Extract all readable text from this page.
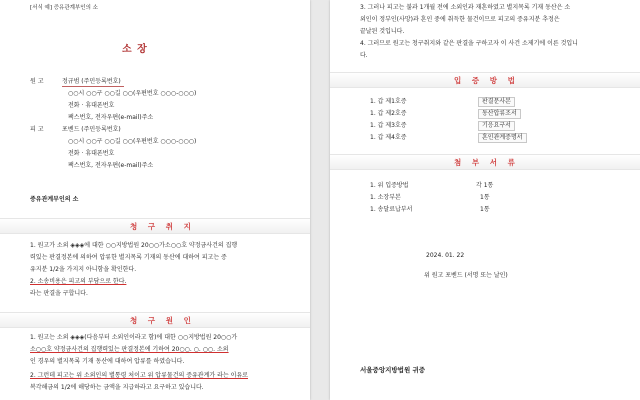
[서식 예] 증유관계부인의 소
소 장
원 고	정규범 (주민등록번호)
○○시 ○○구 ○○길 ○○(우편번호 ○○○-○○○)
전화 · 휴대폰번호
팩스번호, 전자우편(e-mail)주소
피 고	포벤드 (주민등록번호)
○○시 ○○구 ○○길 ○○(우편번호 ○○○-○○○)
전화 · 휴대폰번호
팩스번호, 전자우편(e-mail)주소
증유관계부인의 소
청 구 취 지
1. 원고가 소외 ◈◈◈에 대한 ○○지방법원 20○○가소○○호 약정금사건의 집행
력있는 판결정본에 의하여 압류한 별지목록 기재의 동산에 대하여 피고는 증
유지분 1/2을 가지지 아니함을 확인한다.
2. 소송비용은 피고의 부담으로 한다.
라는 판결을 구합니다.
청 구 원 인
1. 원고는 소외 ◈◈◈(다음부터 소외인이라고 함)에 대한 ○○지방법원 20○○가
소○○호 약정금사건의 집행력있는 판결정본에 기하여 20○○. ○. ○○. 소외
인 경우의 별지목록 기재 동산에 대하여 압류를 하였습니다.
2. 그런데 피고는 위 소외인의 별통령 처이고 위 압류물건의 증유관계가 라는 이유로
복각해금의 1/2에 해당하는 금액을 지급하라고 요구하고 있습니다.
3. 그러나 피고는 불과 1개월 전에 소외인과 재혼하였고 별지목록 기재 동산은 소
외인이 정부인(사망)과 혼인 중에 취득한 물건이므로 피고의 증유지분 추정은
끝날된 것입니다.
4. 그러므로 원고는 청구취지와 같은 판결을 구하고자 이 사건 소제기에 이른 것입니
다.
입 증 방 법
1. 갑 제1호증	판결문사본
1. 갑 제2호증	동산압류조서
1. 갑 제3호증	기응요구서
1. 갑 제4호증	혼인관계증명서
첨 부 서 류
1. 위 입증방법	각 1통
1. 소장부본	1통
1. 송달료납부서	1통
2024. 01. 22
위 원고 포벤드 (서명 또는 날인)
서울중앙지방법원 귀중
